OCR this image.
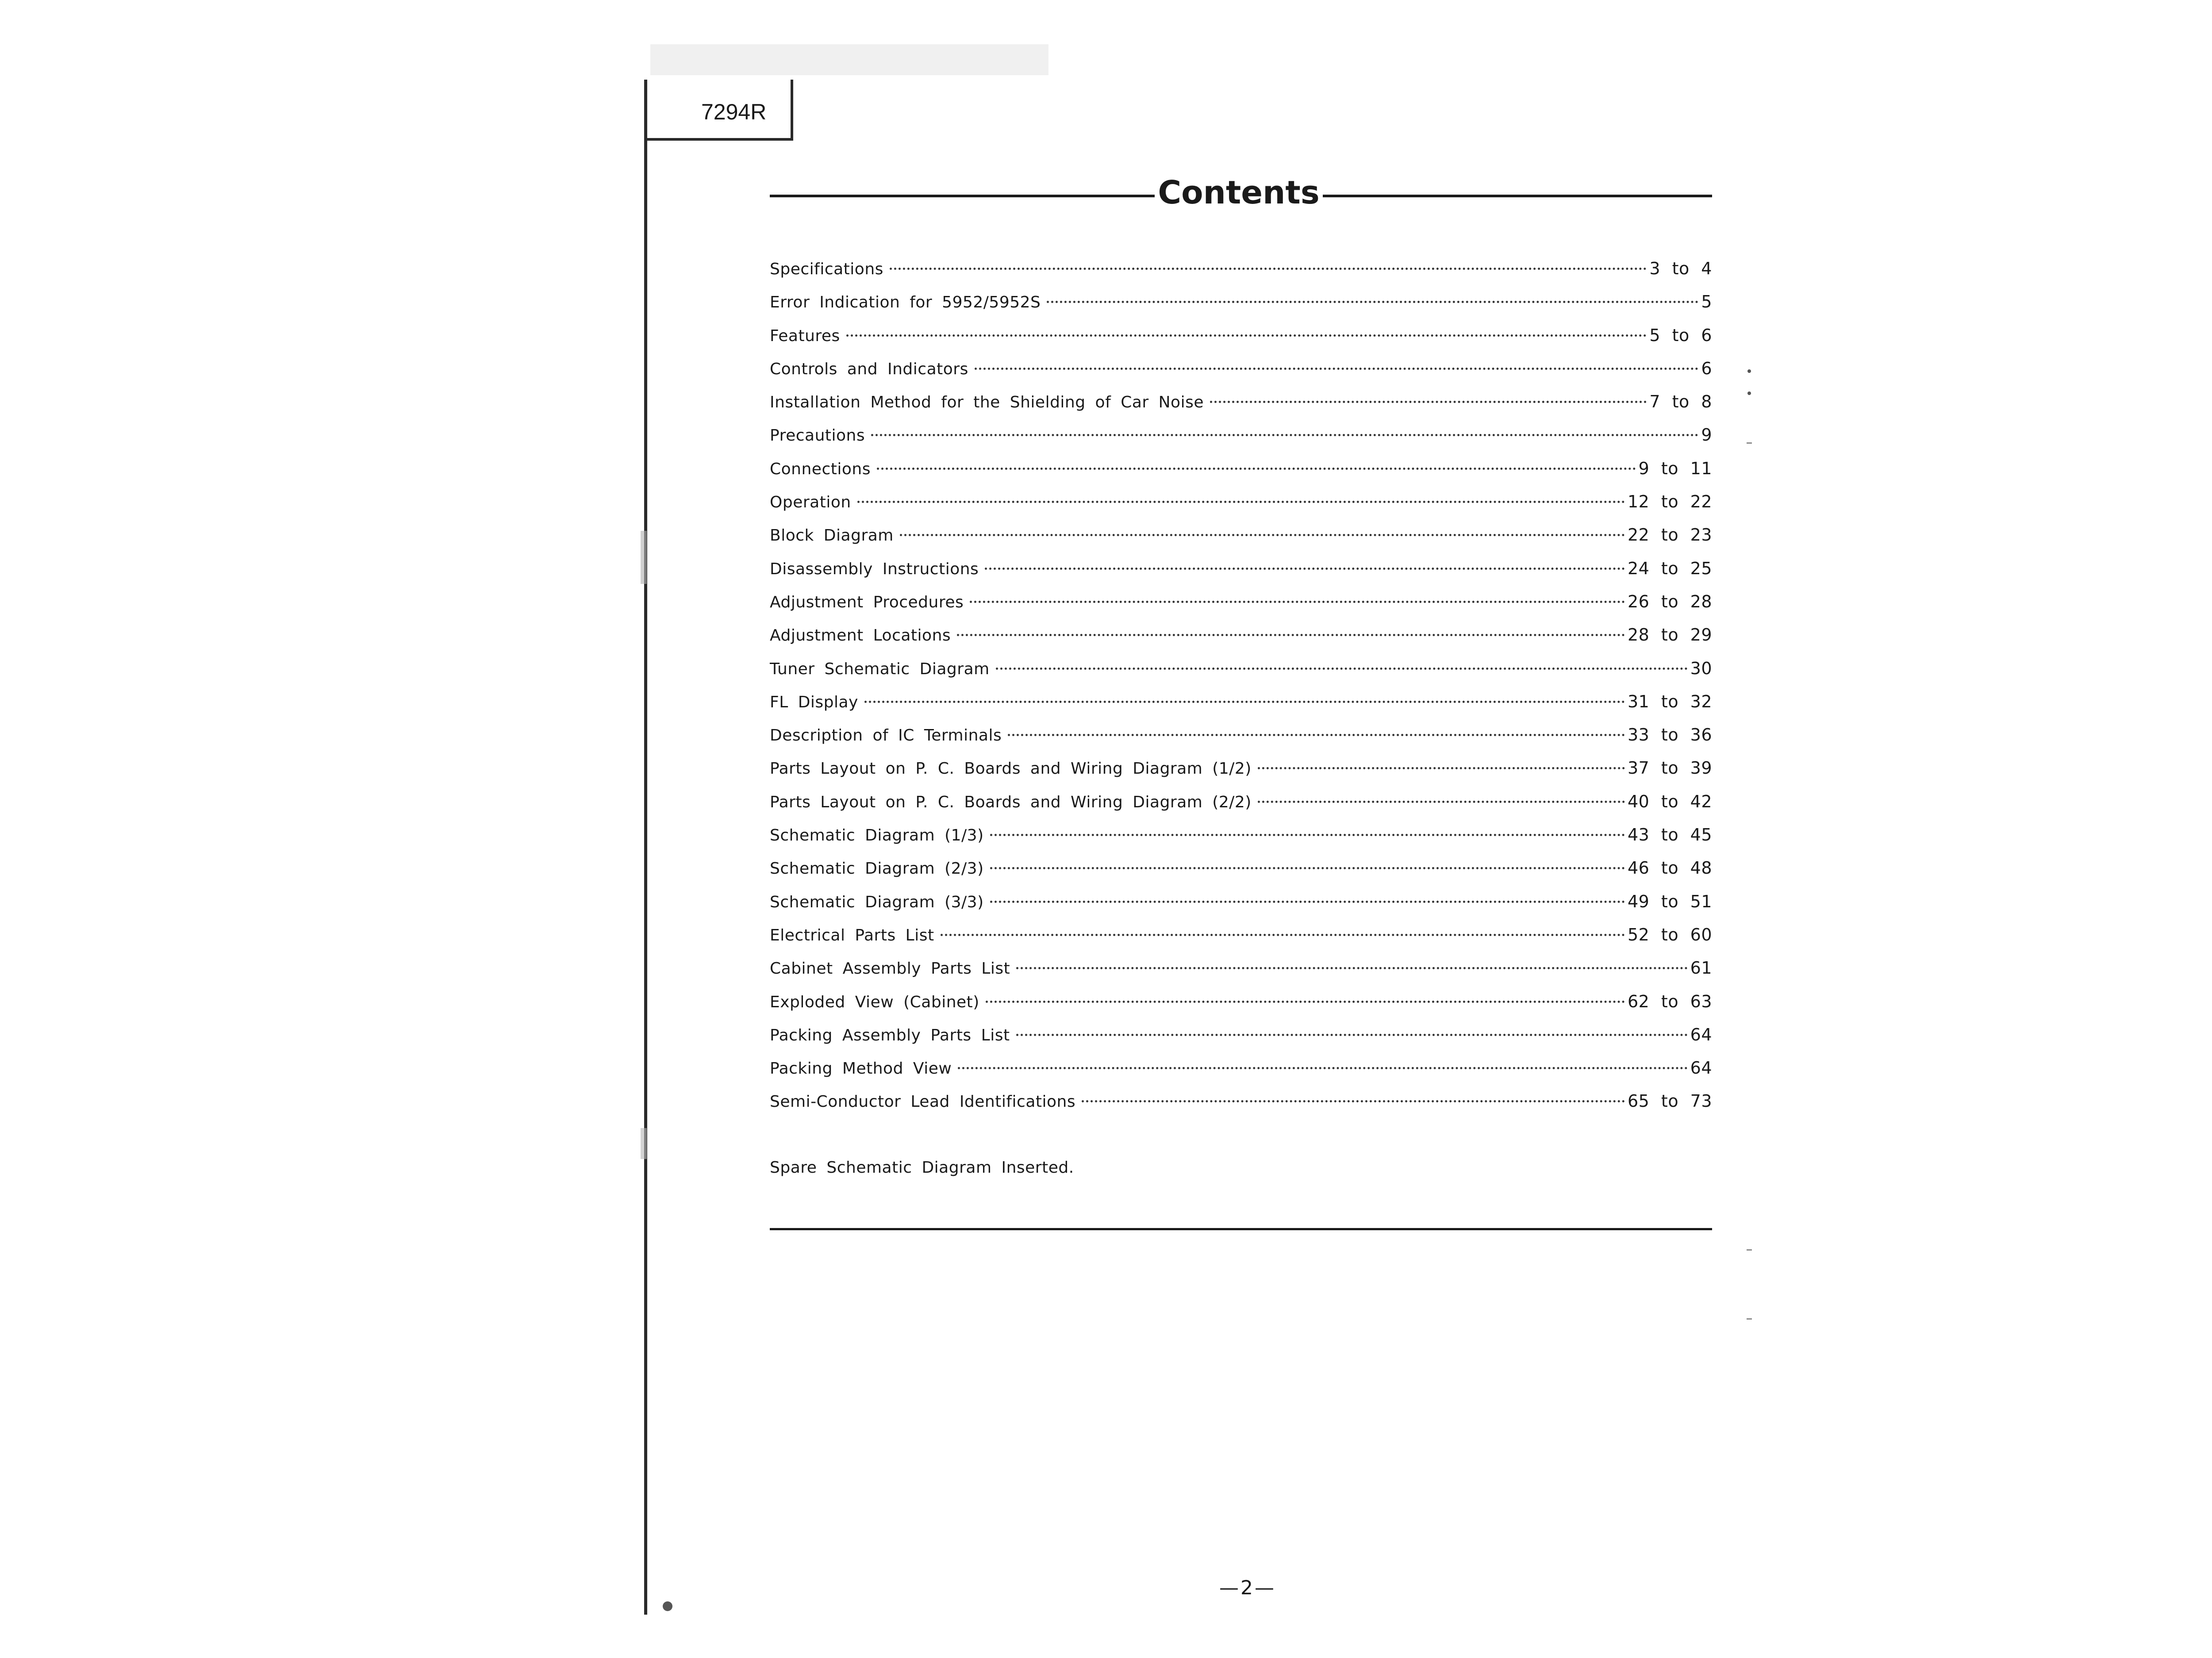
7294R
Contents
Specifications	3 to 4
Error Indication for 5952/5952S	5
Features	5 to 6
Controls and Indicators	6
Installation Method for the Shielding of Car Noise	7 to 8
Precautions	9
Connections	9 to 11
Operation	12 to 22
Block Diagram	22 to 23
Disassembly Instructions	24 to 25
Adjustment Procedures	26 to 28
Adjustment Locations	28 to 29
Tuner Schematic Diagram	30
FL Display	31 to 32
Description of IC Terminals	33 to 36
Parts Layout on P. C. Boards and Wiring Diagram (1/2)	37 to 39
Parts Layout on P. C. Boards and Wiring Diagram (2/2)	40 to 42
Schematic Diagram (1/3)	43 to 45
Schematic Diagram (2/3)	46 to 48
Schematic Diagram (3/3)	49 to 51
Electrical Parts List	52 to 60
Cabinet Assembly Parts List	61
Exploded View (Cabinet)	62 to 63
Packing Assembly Parts List	64
Packing Method View	64
Semi-Conductor Lead Identifications	65 to 73
Spare Schematic Diagram Inserted.
—2—
